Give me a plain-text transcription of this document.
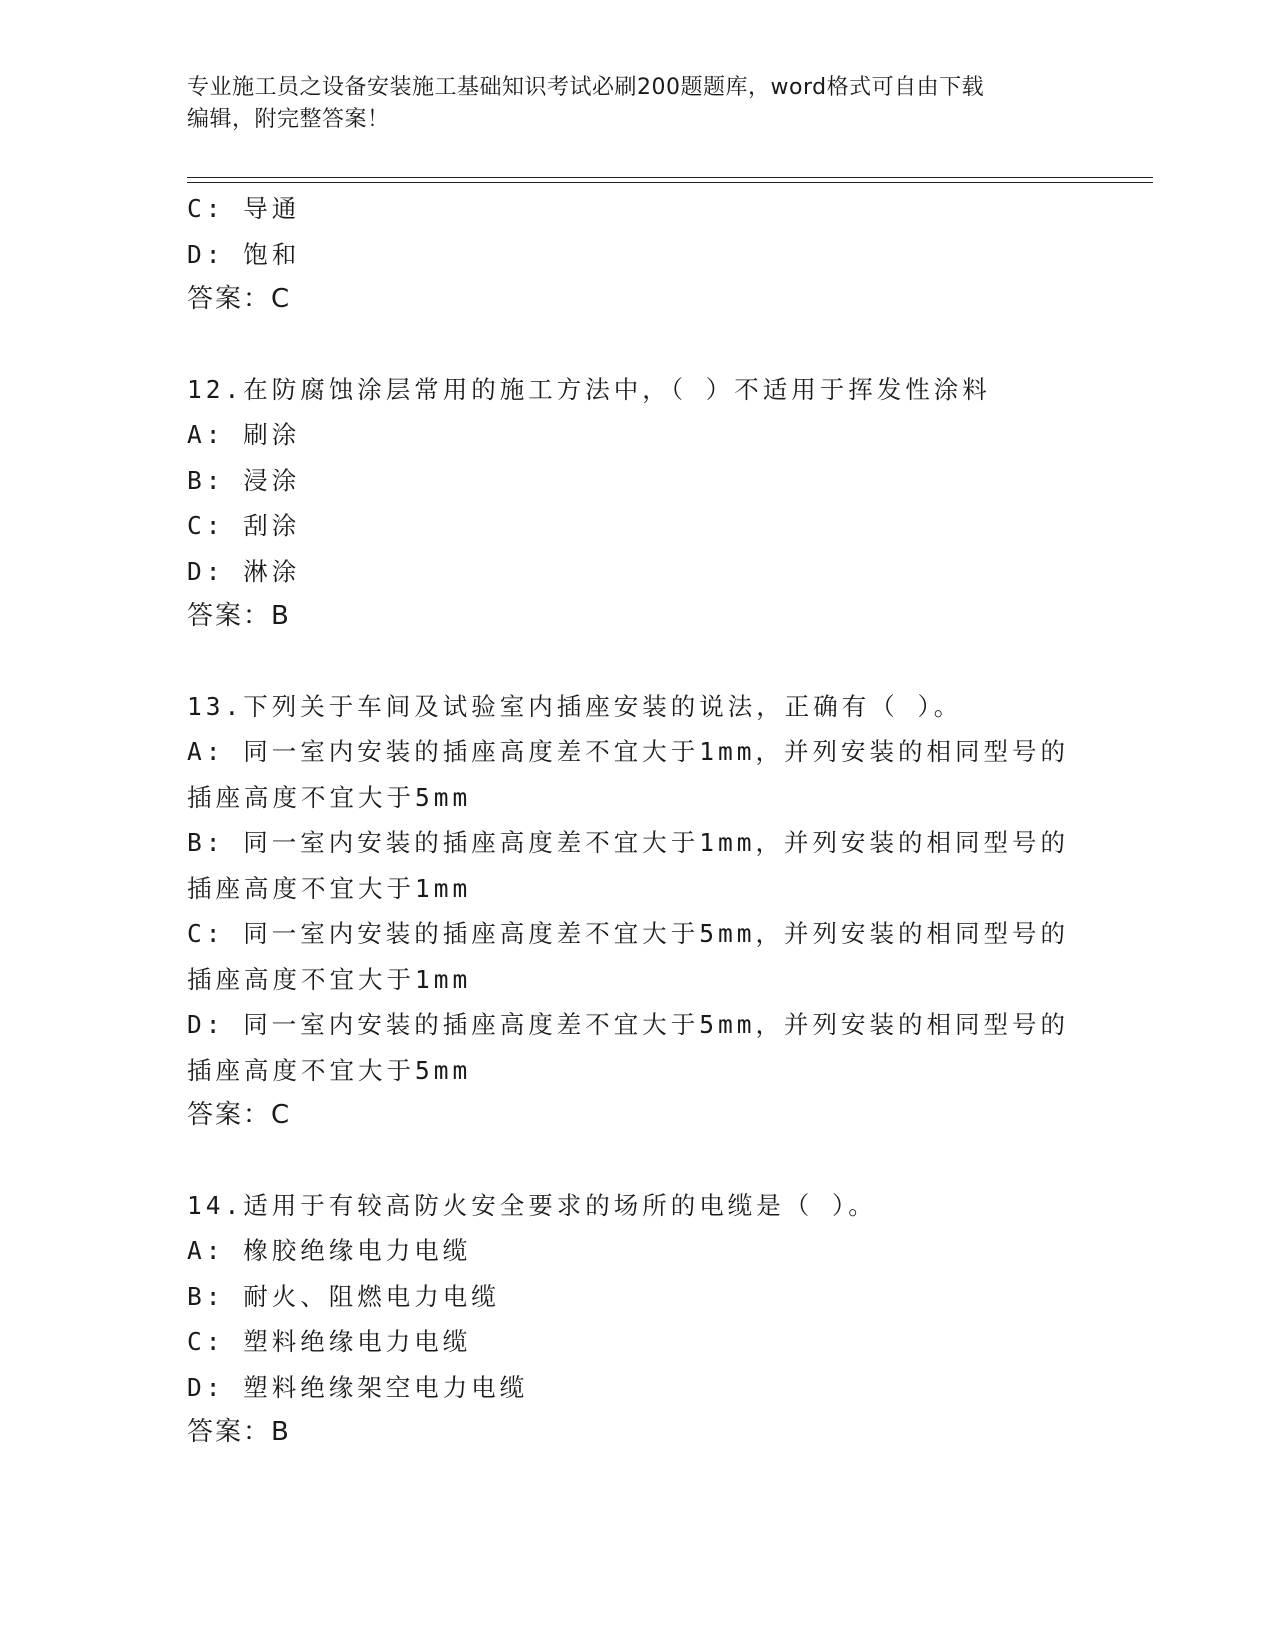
专业施工员之设备安装施工基础知识考试必刷200题题库，word格式可自由下载
编辑，附完整答案！
C: 导通
D: 饱和
答案：C
12.在防腐蚀涂层常用的施工方法中，（ ）不适用于挥发性涂料
A: 刷涂
B: 浸涂
C: 刮涂
D: 淋涂
答案：B
13.下列关于车间及试验室内插座安装的说法，正确有（ ）。
A: 同一室内安装的插座高度差不宜大于1mm，并列安装的相同型号的
插座高度不宜大于5mm
B: 同一室内安装的插座高度差不宜大于1mm，并列安装的相同型号的
插座高度不宜大于1mm
C: 同一室内安装的插座高度差不宜大于5mm，并列安装的相同型号的
插座高度不宜大于1mm
D: 同一室内安装的插座高度差不宜大于5mm，并列安装的相同型号的
插座高度不宜大于5mm
答案：C
14.适用于有较高防火安全要求的场所的电缆是（ ）。
A: 橡胶绝缘电力电缆
B: 耐火、阻燃电力电缆
C: 塑料绝缘电力电缆
D: 塑料绝缘架空电力电缆
答案：B
